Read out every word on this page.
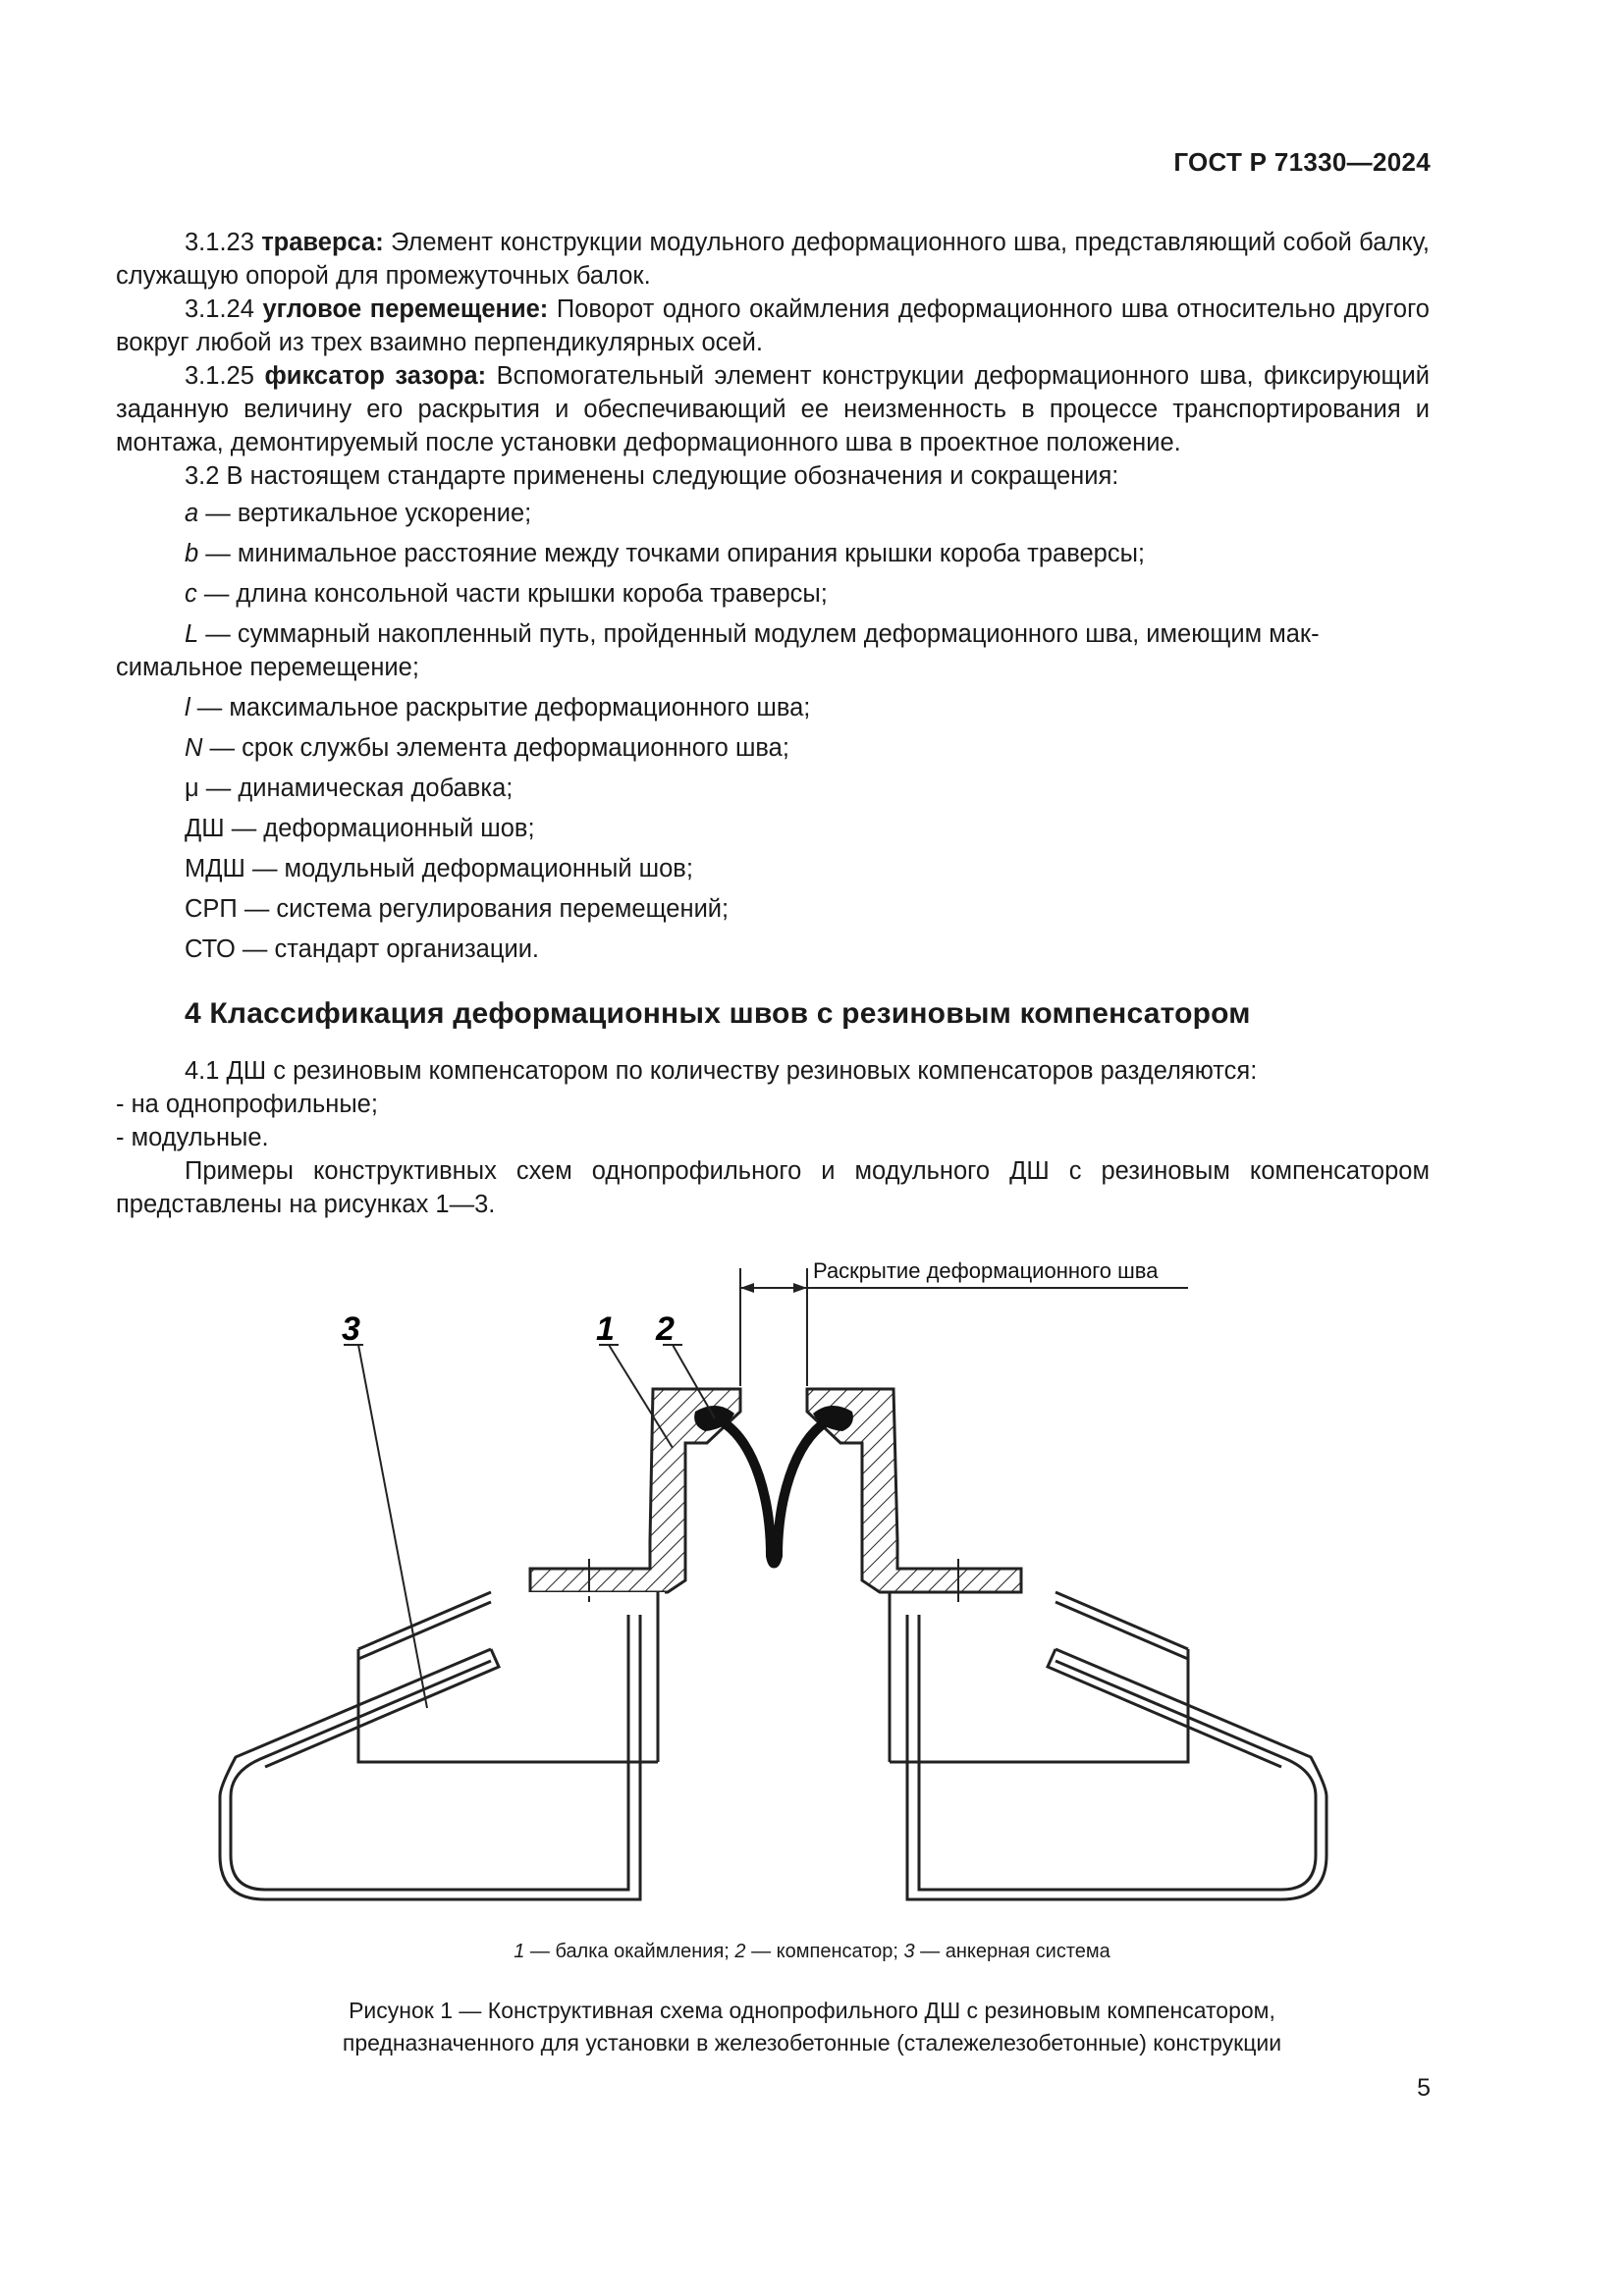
ГОСТ Р 71330—2024

3.1.23 траверса: Элемент конструкции модульного деформационного шва, представляющий собой балку, служащую опорой для промежуточных балок.

3.1.24 угловое перемещение: Поворот одного окаймления деформационного шва относительно другого вокруг любой из трех взаимно перпендикулярных осей.

3.1.25 фиксатор зазора: Вспомогательный элемент конструкции деформационного шва, фиксирующий заданную величину его раскрытия и обеспечивающий ее неизменность в процессе транспортирования и монтажа, демонтируемый после установки деформационного шва в проектное положение.

3.2 В настоящем стандарте применены следующие обозначения и сокращения:

a — вертикальное ускорение;

b — минимальное расстояние между точками опирания крышки короба траверсы;

c — длина консольной части крышки короба траверсы;

L — суммарный накопленный путь, пройденный модулем деформационного шва, имеющим мак-

симальное перемещение;

l — максимальное раскрытие деформационного шва;

N — срок службы элемента деформационного шва;

μ — динамическая добавка;

ДШ — деформационный шов;

МДШ — модульный деформационный шов;

СРП — система регулирования перемещений;

СТО — стандарт организации.

4 Классификация деформационных швов с резиновым компенсатором

4.1 ДШ с резиновым компенсатором по количеству резиновых компенсаторов разделяются:

- на однопрофильные;

- модульные.

Примеры конструктивных схем однопрофильного и модульного ДШ с резиновым компенсатором представлены на рисунках 1—3.

Раскрытие деформационного шва
3	1 2
1 — балка окаймления; 2 — компенсатор; 3 — анкерная система
Рисунок 1 — Конструктивная схема однопрофильного ДШ с резиновым компенсатором,
предназначенного для установки в железобетонные (сталежелезобетонные) конструкции
5
